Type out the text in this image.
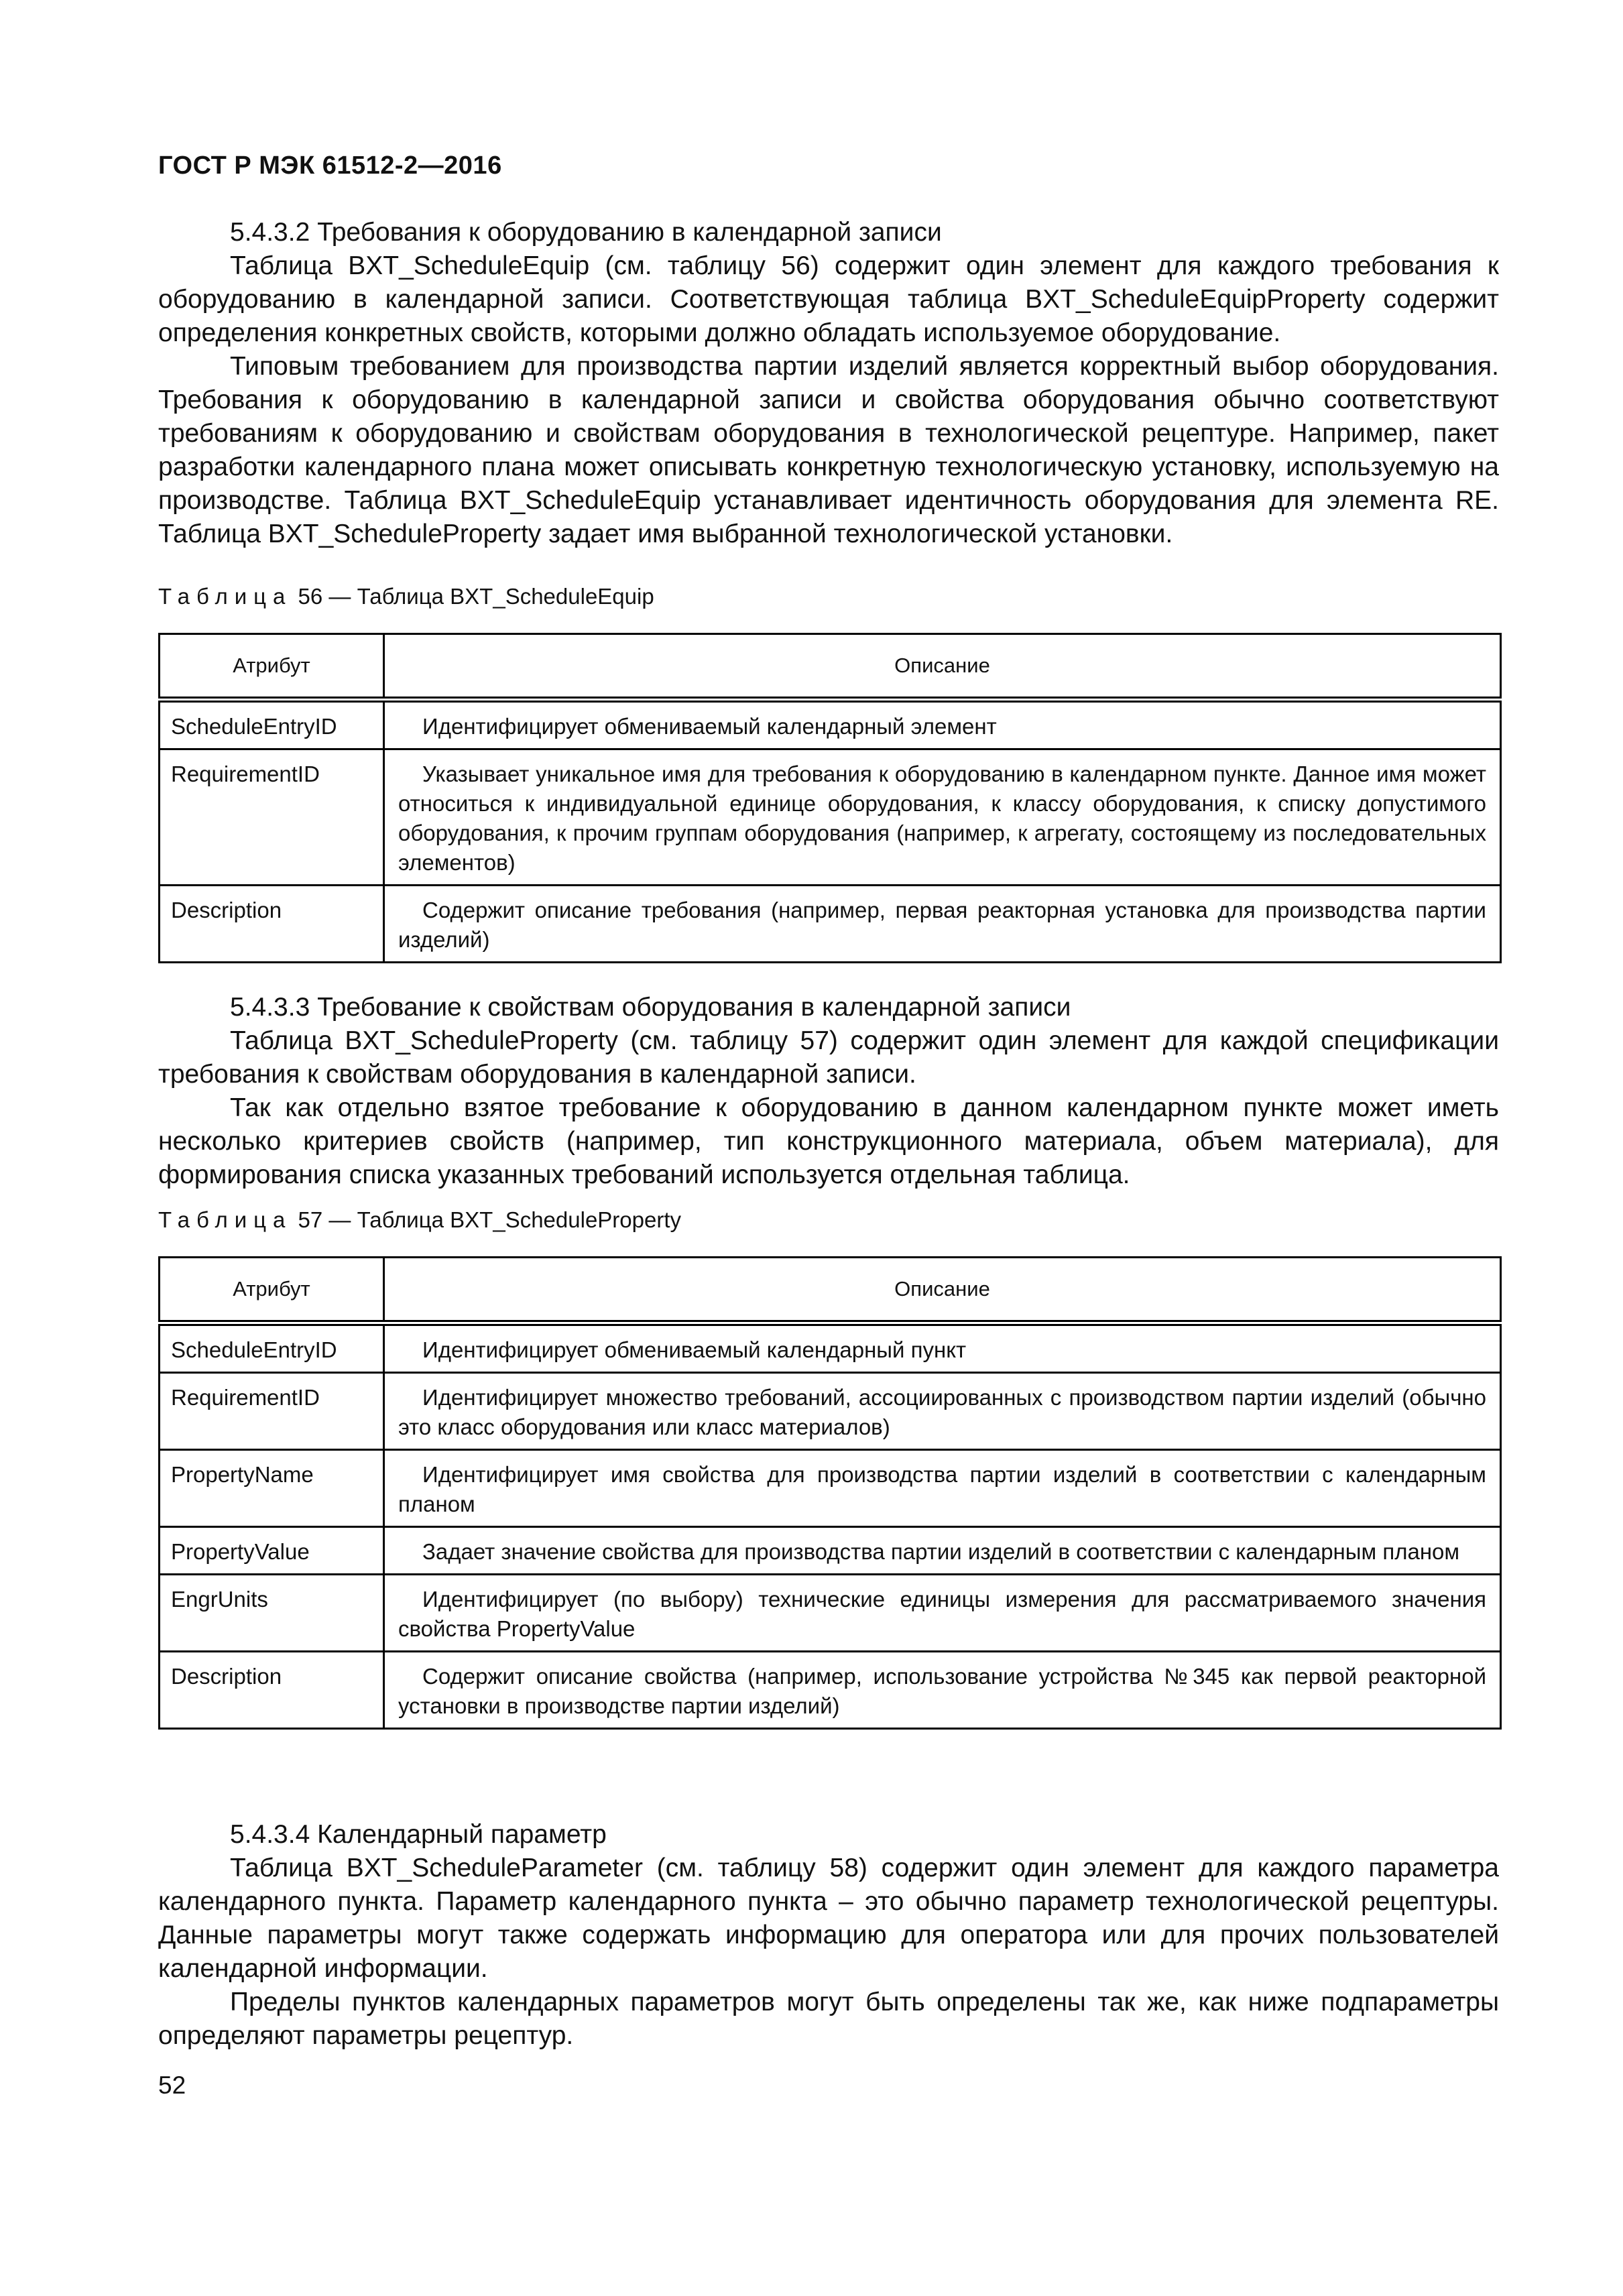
ГОСТ Р МЭК 61512-2—2016

5.4.3.2 Требования к оборудованию в календарной записи

Таблица BXT_ScheduleEquip (см. таблицу 56) содержит один элемент для каждого требования к оборудованию в календарной записи. Соответствующая таблица BXT_ScheduleEquipProperty содержит определения конкретных свойств, которыми должно обладать используемое оборудование.

Типовым требованием для производства партии изделий является корректный выбор оборудования. Требования к оборудованию в календарной записи и свойства оборудования обычно соответствуют требованиям к оборудованию и свойствам оборудования в технологической рецептуре. Например, пакет разработки календарного плана может описывать конкретную технологическую установку, используемую на производстве. Таблица BXT_ScheduleEquip устанавливает идентичность оборудования для элемента RE. Таблица BXT_ScheduleProperty задает имя выбранной технологической установки.

Таблица 56 — Таблица BXT_ScheduleEquip
Атрибут	Описание
ScheduleEntryID	Идентифицирует обмениваемый календарный элемент

RequirementID	Указывает уникальное имя для требования к оборудованию в календарном пункте. Данное имя может относиться к индивидуальной единице оборудования, к классу оборудования, к списку допустимого оборудования, к прочим группам оборудования (например, к агрегату, состоящему из последовательных элементов)

Description	Содержит описание требования (например, первая реакторная установка для производства партии изделий)

5.4.3.3 Требование к свойствам оборудования в календарной записи

Таблица BXT_ScheduleProperty (см. таблицу 57) содержит один элемент для каждой спецификации требования к свойствам оборудования в календарной записи.

Так как отдельно взятое требование к оборудованию в данном календарном пункте может иметь несколько критериев свойств (например, тип конструкционного материала, объем материала), для формирования списка указанных требований используется отдельная таблица.

Таблица 57 — Таблица BXT_ScheduleProperty
Атрибут	Описание
ScheduleEntryID	Идентифицирует обмениваемый календарный пункт

RequirementID	Идентифицирует множество требований, ассоциированных с производством партии изделий (обычно это класс оборудования или класс материалов)

PropertyName	Идентифицирует имя свойства для производства партии изделий в соответствии с календарным планом

PropertyValue	Задает значение свойства для производства партии изделий в соответствии с календарным планом

EngrUnits	Идентифицирует (по выбору) технические единицы измерения для рассматриваемого значения свойства PropertyValue

Description	Содержит описание свойства (например, использование устройства №345 как первой реакторной установки в производстве партии изделий)

5.4.3.4 Календарный параметр

Таблица BXT_ScheduleParameter (см. таблицу 58) содержит один элемент для каждого параметра календарного пункта. Параметр календарного пункта – это обычно параметр технологической рецептуры. Данные параметры могут также содержать информацию для оператора или для прочих пользователей календарной информации.

Пределы пунктов календарных параметров могут быть определены так же, как ниже подпараметры определяют параметры рецептур.

52
